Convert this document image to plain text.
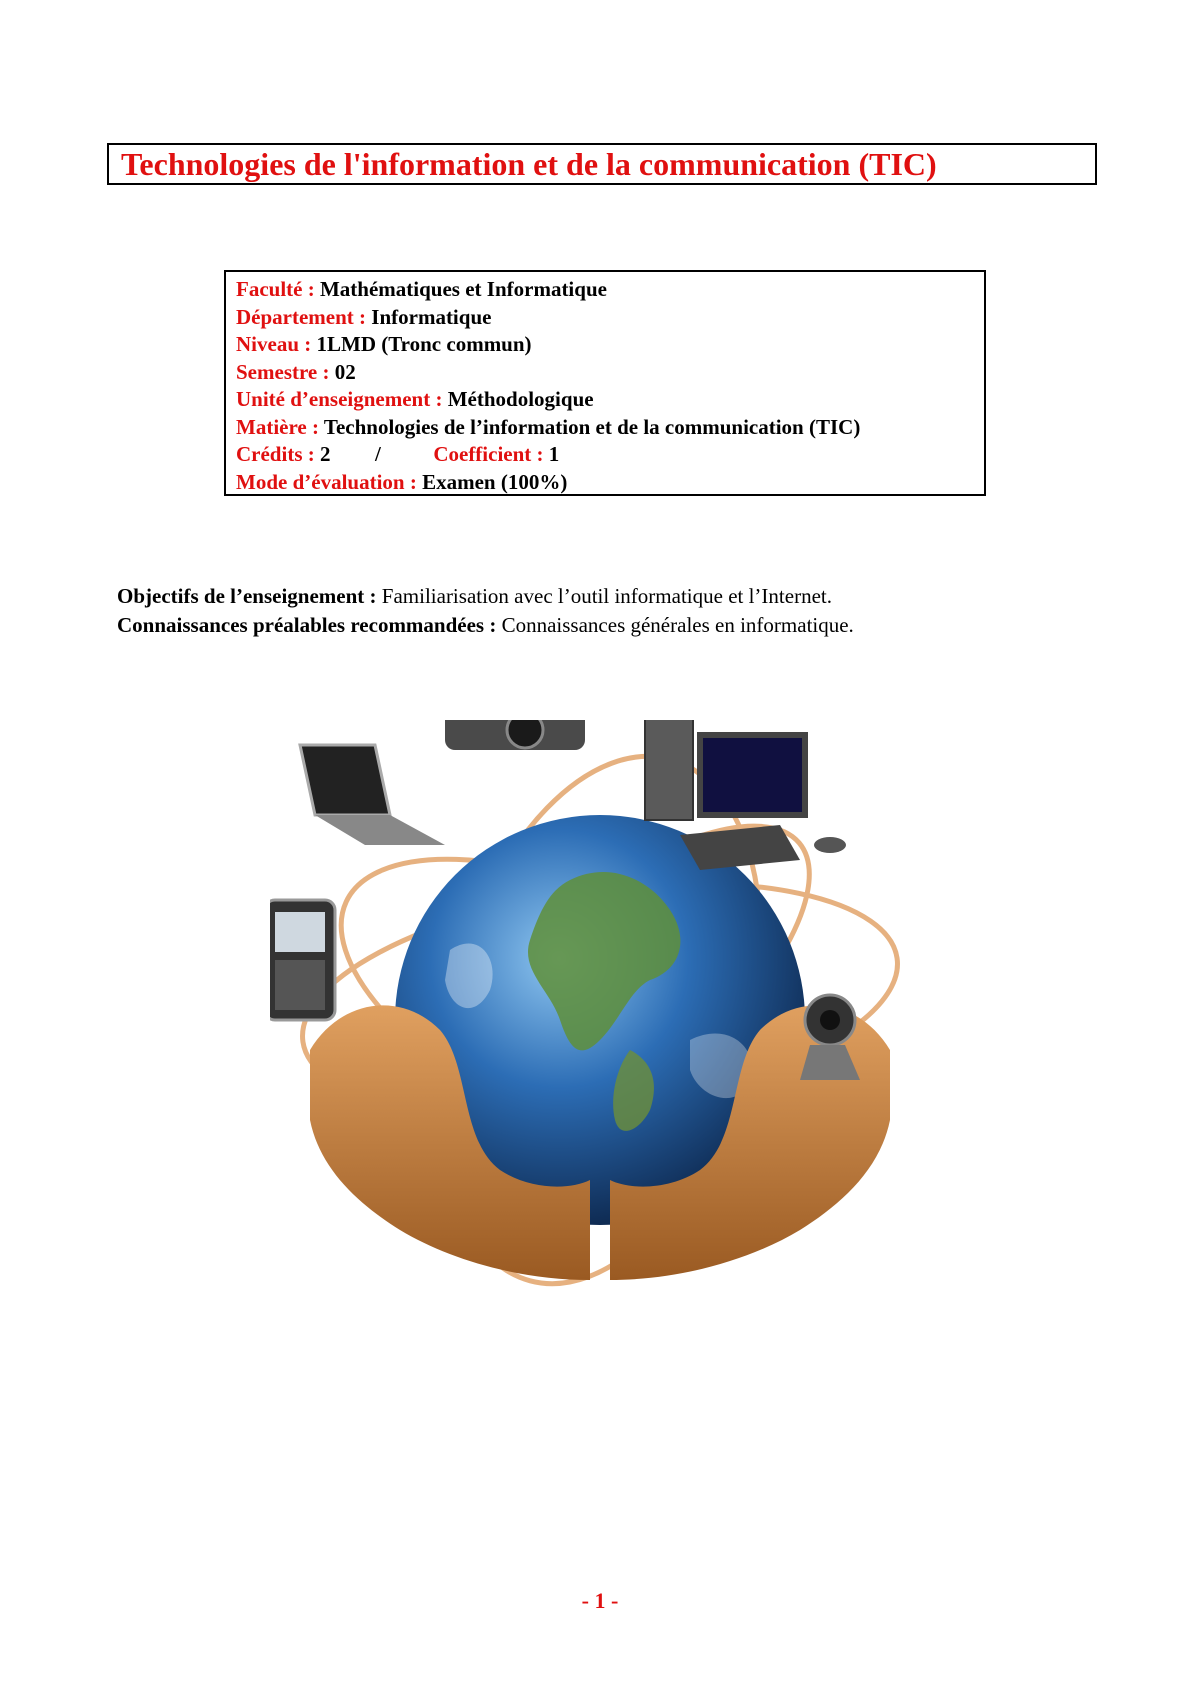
Technologies de l'information et de la communication (TIC)
Faculté : Mathématiques et Informatique
Département : Informatique
Niveau : 1LMD (Tronc commun)
Semestre : 02
Unité d’enseignement : Méthodologique
Matière : Technologies de l’information et de la communication (TIC)
Crédits : 2 /	Coefficient : 1
Mode d’évaluation : Examen (100%)
Objectifs de l’enseignement : Familiarisation avec l’outil informatique et l’Internet.
Connaissances préalables recommandées : Connaissances générales en informatique.
- 1 -
